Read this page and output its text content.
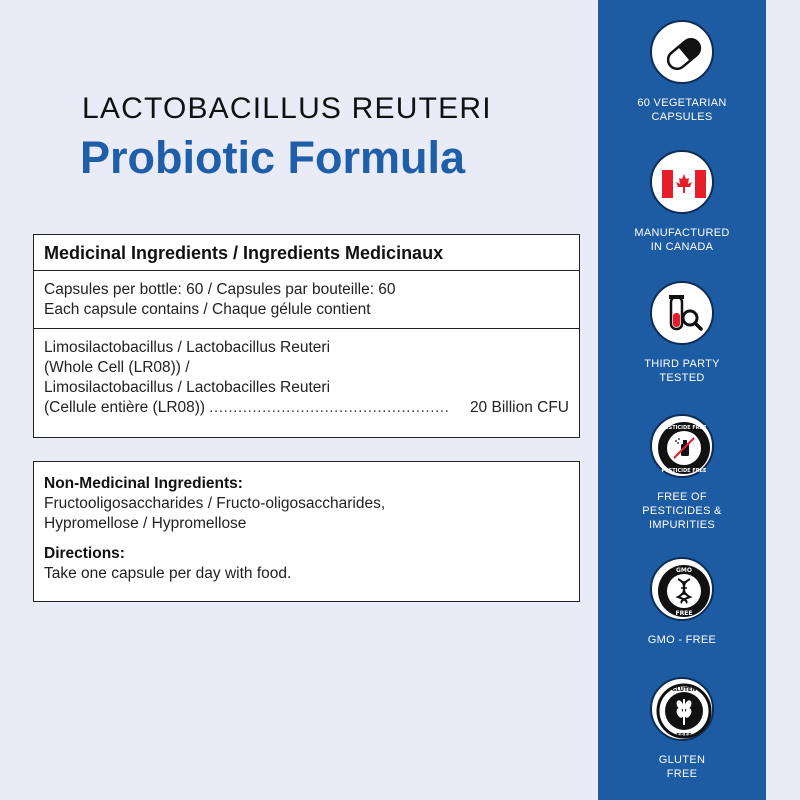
LACTOBACILLUS REUTERI
Probiotic Formula
Medicinal Ingredients / Ingredients Medicinaux
Capsules per bottle: 60 / Capsules par bouteille: 60
Each capsule contains / Chaque gélule contient
Limosilactobacillus / Lactobacillus Reuteri
(Whole Cell (LR08)) /
Limosilactobacillus / Lactobacilles Reuteri
(Cellule entière (LR08)) ..................................................	20 Billion CFU
Non-Medicinal Ingredients:
Fructooligosaccharides / Fructo-oligosaccharides,
Hypromellose / Hypromellose
Directions:
Take one capsule per day with food.
60 VEGETARIAN
CAPSULES
MANUFACTURED
IN CANADA
THIRD PARTY
TESTED
PESTICIDE FREE
PESTICIDE FREE
FREE OF
PESTICIDES &
IMPURITIES
GMO
FREE
GMO - FREE
GLUTEN
FREE
GLUTEN
FREE
